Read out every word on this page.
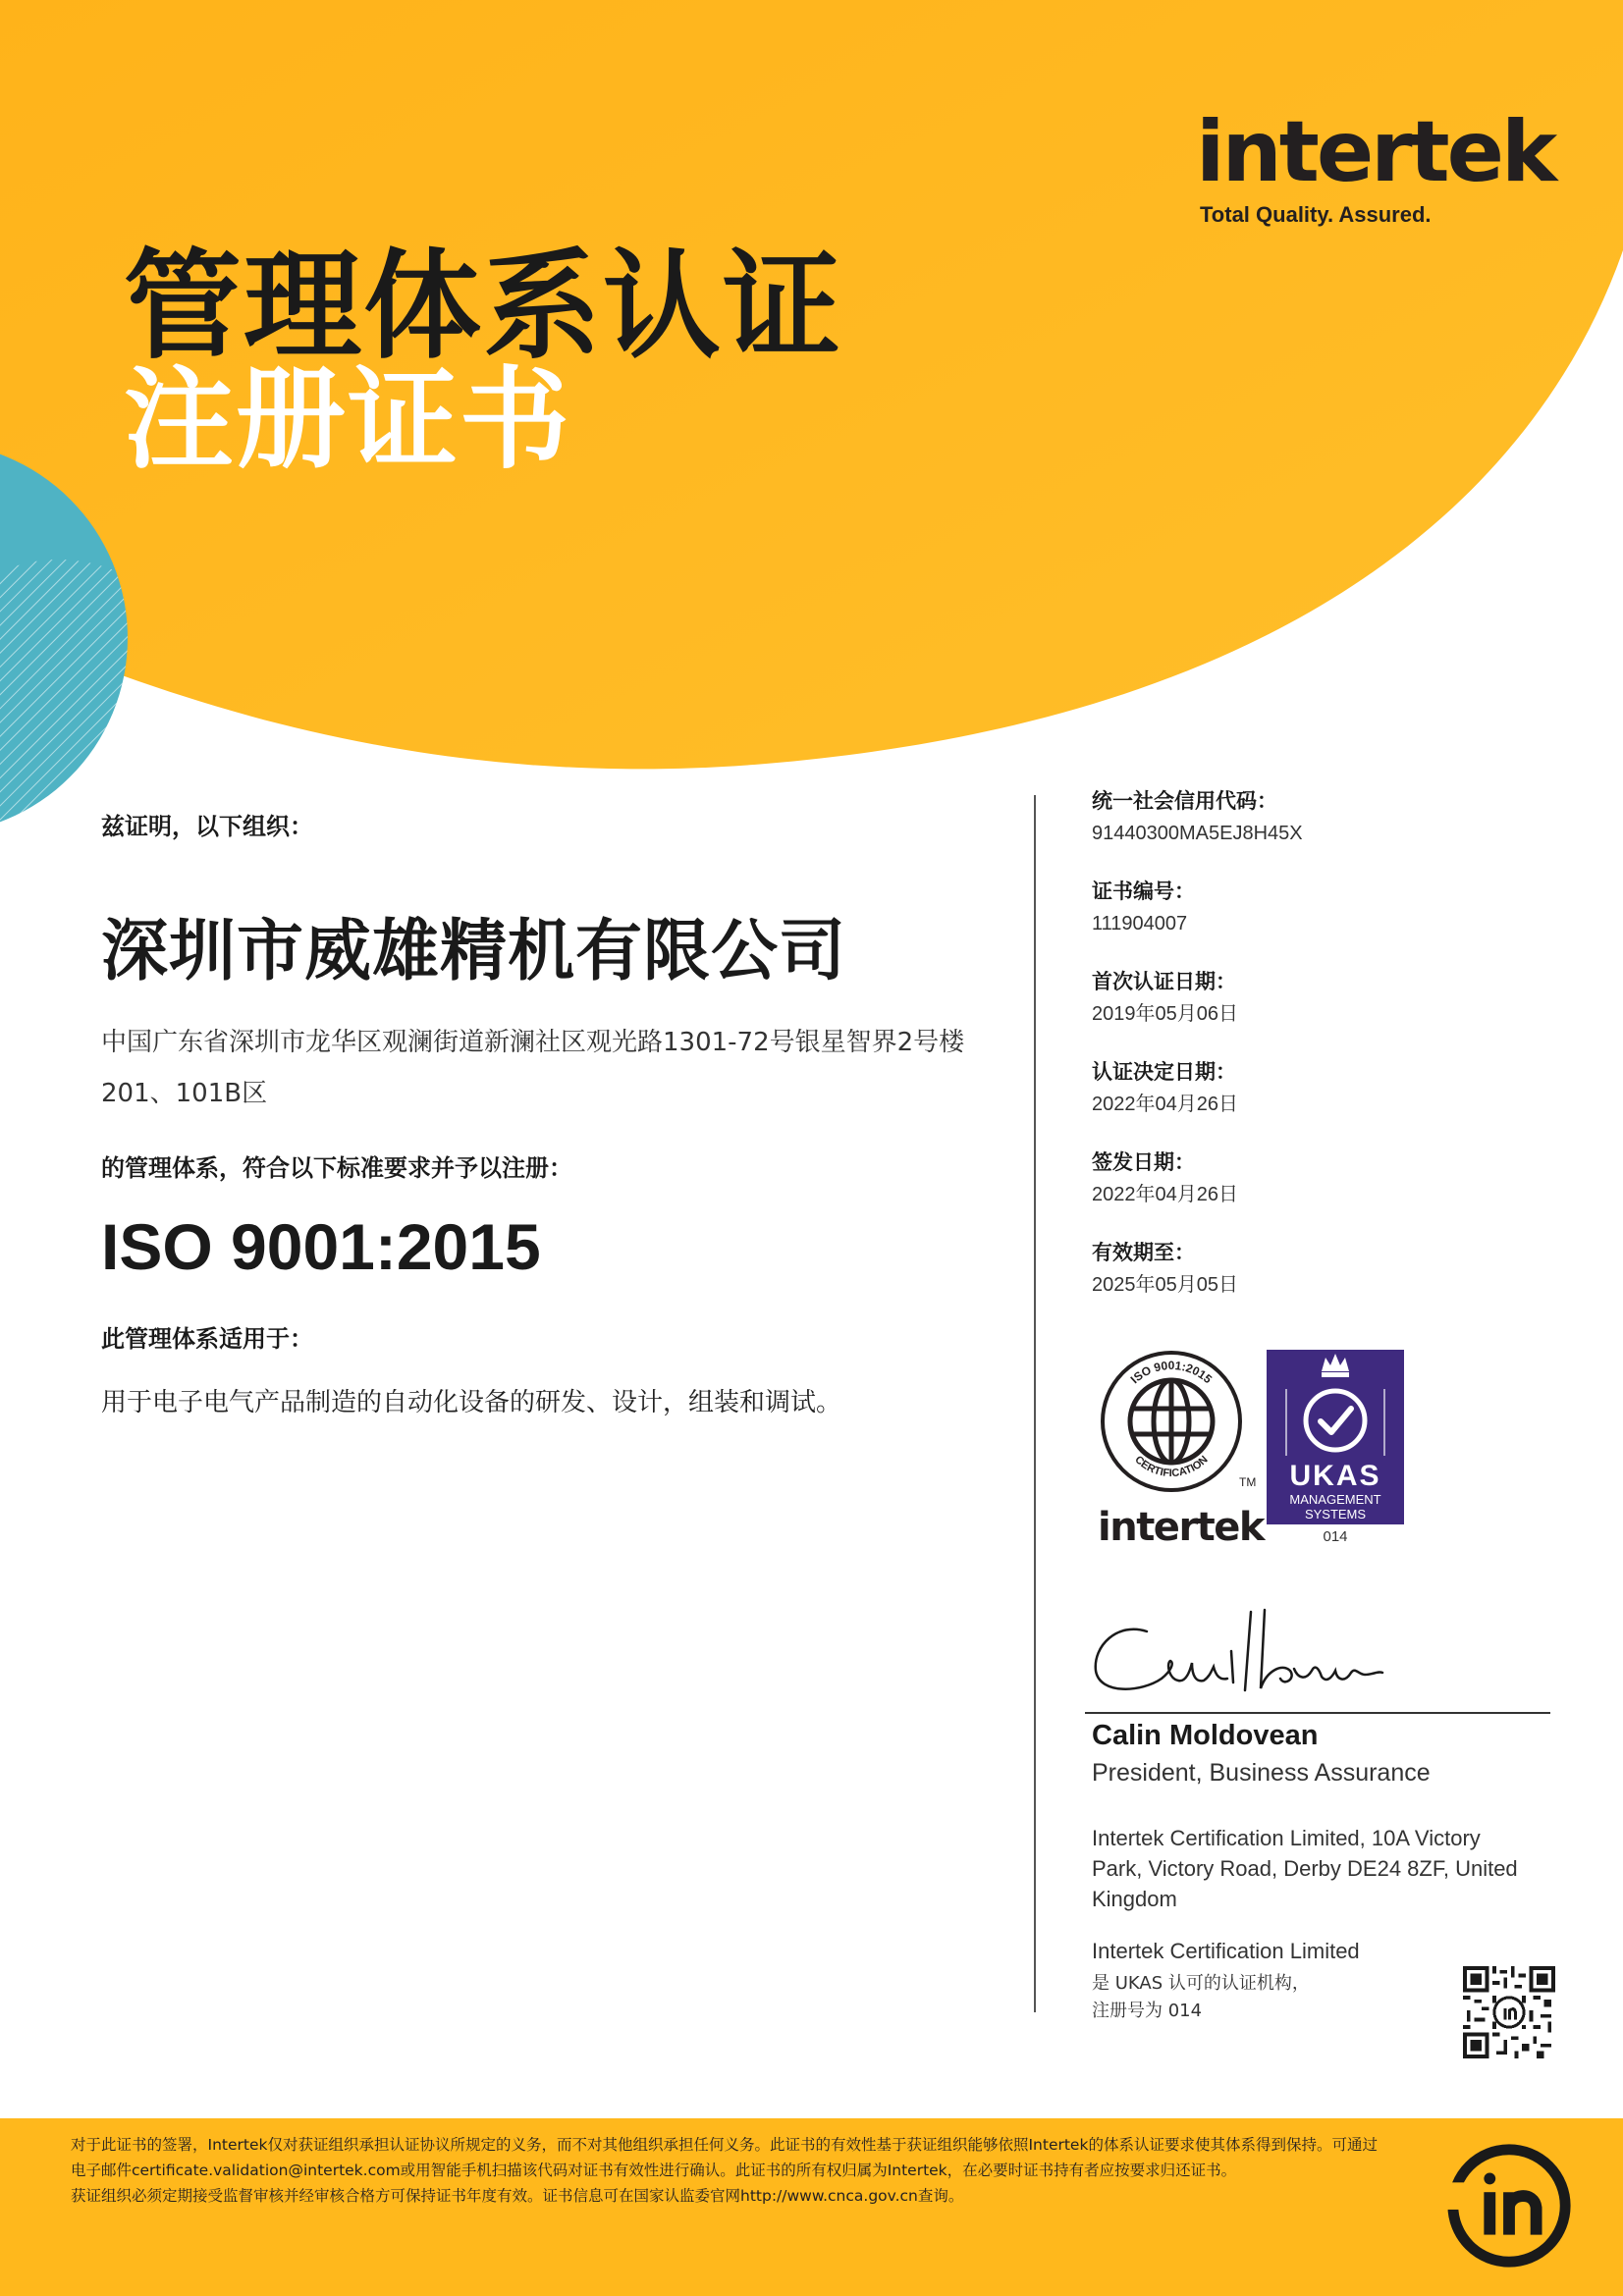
intertek
Total Quality. Assured.
管理体系认证
注册证书
兹证明，以下组织：
深圳市威雄精机有限公司
中国广东省深圳市龙华区观澜街道新澜社区观光路1301-72号银星智界2号楼
201、101B区
的管理体系，符合以下标准要求并予以注册：
ISO 9001:2015
此管理体系适用于：
用于电子电气产品制造的自动化设备的研发、设计，组装和调试。
统一社会信用代码：
91440300MA5EJ8H45X
证书编号：
111904007
首次认证日期：
2019年05月06日
认证决定日期：
2022年04月26日
签发日期：
2022年04月26日
有效期至：
2025年05月05日
ISO 9001:2015
CERTIFICATION
TM
intertek
UKAS
MANAGEMENT
SYSTEMS
014
Calin Moldovean
President, Business Assurance
Intertek Certification Limited, 10A Victory Park, Victory Road, Derby DE24 8ZF, United Kingdom
Intertek Certification Limited
是 UKAS 认可的认证机构，
注册号为 014

对于此证书的签署，Intertek仅对获证组织承担认证协议所规定的义务，而不对其他组织承担任何义务。此证书的有效性基于获证组织能够依照Intertek的体系认证要求使其体系得到保持。可通过电子邮件certificate.validation@intertek.com或用智能手机扫描该代码对证书有效性进行确认。此证书的所有权归属为Intertek，在必要时证书持有者应按要求归还证书。

获证组织必须定期接受监督审核并经审核合格方可保持证书年度有效。证书信息可在国家认监委官网http://www.cnca.gov.cn查询。
